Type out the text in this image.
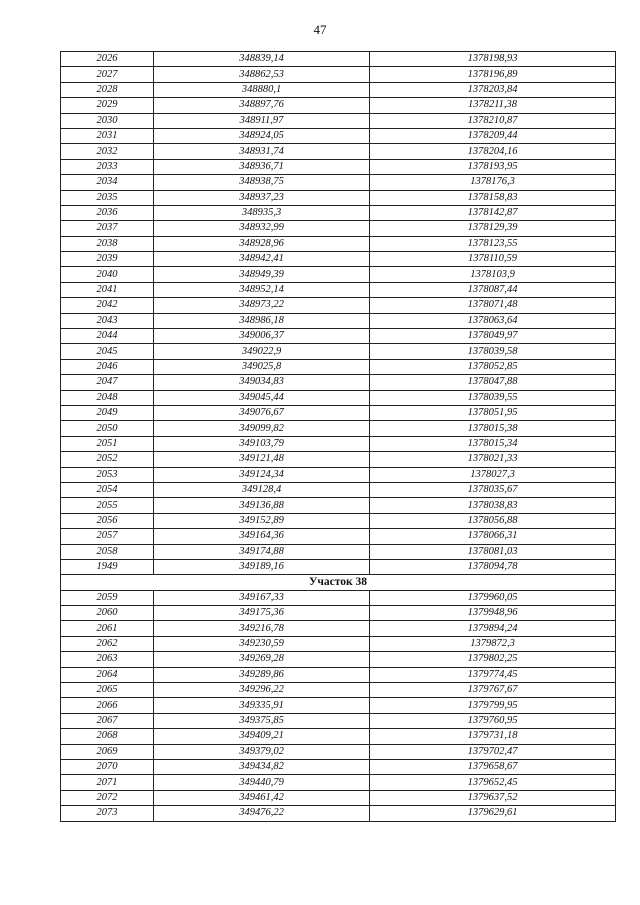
47
2026	348839,14	1378198,93
2027	348862,53	1378196,89
2028	348880,1	1378203,84
2029	348897,76	1378211,38
2030	348911,97	1378210,87
2031	348924,05	1378209,44
2032	348931,74	1378204,16
2033	348936,71	1378193,95
2034	348938,75	1378176,3
2035	348937,23	1378158,83
2036	348935,3	1378142,87
2037	348932,99	1378129,39
2038	348928,96	1378123,55
2039	348942,41	1378110,59
2040	348949,39	1378103,9
2041	348952,14	1378087,44
2042	348973,22	1378071,48
2043	348986,18	1378063,64
2044	349006,37	1378049,97
2045	349022,9	1378039,58
2046	349025,8	1378052,85
2047	349034,83	1378047,88
2048	349045,44	1378039,55
2049	349076,67	1378051,95
2050	349099,82	1378015,38
2051	349103,79	1378015,34
2052	349121,48	1378021,33
2053	349124,34	1378027,3
2054	349128,4	1378035,67
2055	349136,88	1378038,83
2056	349152,89	1378056,88
2057	349164,36	1378066,31
2058	349174,88	1378081,03
1949	349189,16	1378094,78
Участок 38		
2059	349167,33	1379960,05
2060	349175,36	1379948,96
2061	349216,78	1379894,24
2062	349230,59	1379872,3
2063	349269,28	1379802,25
2064	349289,86	1379774,45
2065	349296,22	1379767,67
2066	349335,91	1379799,95
2067	349375,85	1379760,95
2068	349409,21	1379731,18
2069	349379,02	1379702,47
2070	349434,82	1379658,67
2071	349440,79	1379652,45
2072	349461,42	1379637,52
2073	349476,22	1379629,61
